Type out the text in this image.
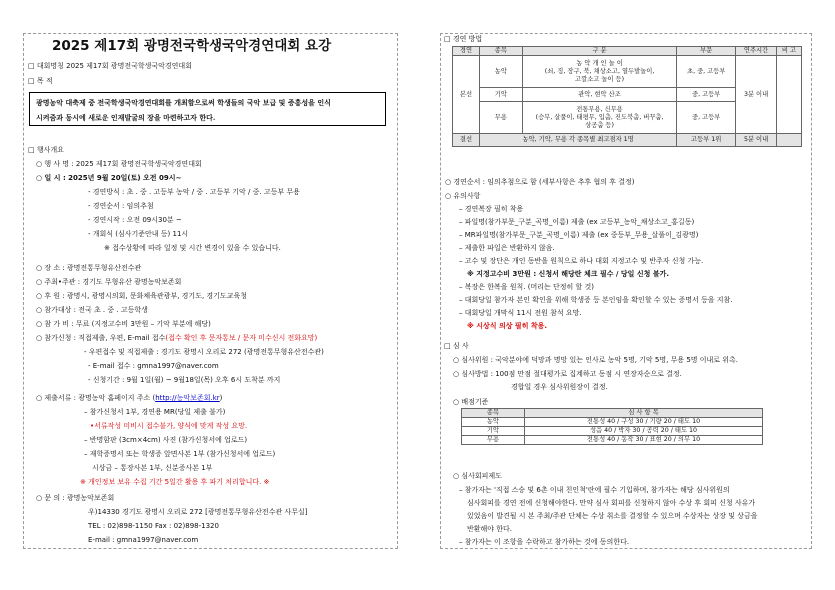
2025 제17회 광명전국학생국악경연대회 요강
□ 대회명칭 2025 제17회 광명전국학생국악경연대회
□ 목 적
광명농악 대축제 중 전국학생국악경연대회를 개최함으로써 학생들의 국악 보급 및 증흥성을 인식
시켜줌과 동시에 새로운 인재발굴의 장을 마련하고자 한다.
□ 행사개요
○ 행 사 명 : 2025 제17회 광명전국학생국악경연대회
○ 일 시 : 2025년 9월 20일(토) 오전 09시~
- 경연방식 : 초 . 중 . 고등부 농악 / 중 . 고등부 기악 / 중. 고등부 무용
- 경연순서 : 임의추첨
- 경연시작 : 오전 09시30분 ~
- 개회식 (심사기준안내 등) 11시
※ 접수상황에 따라 일정 및 시간 변경이 있을 수 있습니다.
○ 장 소 : 광명전통무형유산전수관
○ 주최•주관 : 경기도 무형유산 광명농악보존회
○ 후 원 : 광명시, 광명시의회, 문화체육관광부, 경기도, 경기도교육청
○ 참가대상 : 전국 초 . 중 . 고등학생
○ 참 가 비 : 무료 (지정고수비 3만원 – 기악 부분에 해당)
○ 참가신청 : 직접제출, 우편, E-mail 접수(접수 확인 후 문자통보 / 문자 미수신시 전화요망)
- 우편접수 및 직접제출 : 경기도 광명시 오리로 272 (광명전통무형유산전수관)
- E-mail 접수 : gmna1997@naver.com
- 신청기간 : 9월 1일(월) ~ 9월18일(목) 오후 6시 도착분 까지
○ 제출서류 : 광명농악 홈페이지 주소 (http://농악보존회.kr)
– 참가신청서 1부, 경연용 MR(당일 제출 불가)
•서류작성 미비시 접수불가, 양식에 맞게 작성 요망.
– 반명함판 (3cm×4cm) 사진 (참가신청서에 업로드)
– 재학증명서 또는 학생증 앞면사본 1부 (참가신청서에 업로드)
시상금 – 통장사본 1부, 신분증사본 1부
※ 개인정보 보유 수집 기간 5일간 활용 후 파기 처리합니다. ※
○ 문 의 : 광명농악보존회
우)14330 경기도 광명시 오리로 272 [광명전통무형유산전수관 사무실]
TEL : 02)898-1150 Fax : 02)898-1320
E-mail : gmna1997@naver.com
□ 경연 방법
경연	종목	구 분	부문	연주시간	비 고
본선	농악	농 악 개 인 놀 이
(쇠, 징, 장구, 북, 채상소고, 열두발놀이,
고깔소고 놀이 등)	초, 중, 고등부	3분 이내	
	기악	관악, 현악 산조	중, 고등부		
	무용	전통무용, 신무용
(승무, 살풀이, 태평무, 입춤, 진도북춤, 버꾸춤,
상공춤 등)	중, 고등부		
결선	농악, 기악, 무용 각 종목별 최고점자 1명		고등부 1위	5분 이내	
○ 경연순서 : 임의추첨으로 함 (세부사항은 추후 협의 후 결정)
○ 유의사항
– 경연복장 필히 착용
– 파일명(참가부문_구분_곡명_이름) 제출 (ex 고등부_농악_채상소고_홍길동)
– MR파일명(참가부문_구분_곡명_이름) 제출 (ex 중등부_무용_살풀이_김광명)
– 제출한 파일은 반환하지 않음.
– 고수 및 장단은 개인 동반을 원칙으로 하나 대회 지정고수 및 반주자 신청 가능.
※ 지정고수비 3만원 : 신청서 해당란 체크 필수 / 당일 신청 불가.
– 복장은 한복을 원칙. (머리는 단정히 할 것)
– 대회당일 참가자 본인 확인을 위해 학생증 등 본인임을 확인할 수 있는 증명서 등을 지참.
– 대회당일 개막식 11시 전원 참석 요망.
※ 시상식 의상 필히 착용.
□ 심 사
○ 심사위원 : 국악분야에 덕망과 명망 있는 인사로 농악 5명, 기악 5명, 무용 5명 이내로 위촉.
○ 심사방법 : 100점 만점 절대평가로 집계하고 동점 시 연장자순으로 결정.
경합일 경우 심사위원장이 결정.
○ 배점기준
종목	심 사 항 목
농악	전통성 40 / 구성 30 / 기량 20 / 태도 10
기악	성음 40 / 박자 30 / 공력 20 / 태도 10
무용	전통성 40 / 동작 30 / 표현 20 / 의무 10
○ 심사회피제도
– 참가자는 '직접 스승 및 6촌 이내 친인척'란에 필수 기입하며, 참가자는 해당 심사위원의
심사회피를 경연 전에 신청해야한다. 만약 심사 회피를 신청하지 않아 수상 후 회피 신청 사유가
있었음이 발견될 시 본 주최/주관 단체는 수상 취소를 결정할 수 있으며 수상자는 상장 및 상금을
반환해야 한다.
– 참가자는 이 조항을 수락하고 참가하는 것에 동의한다.
